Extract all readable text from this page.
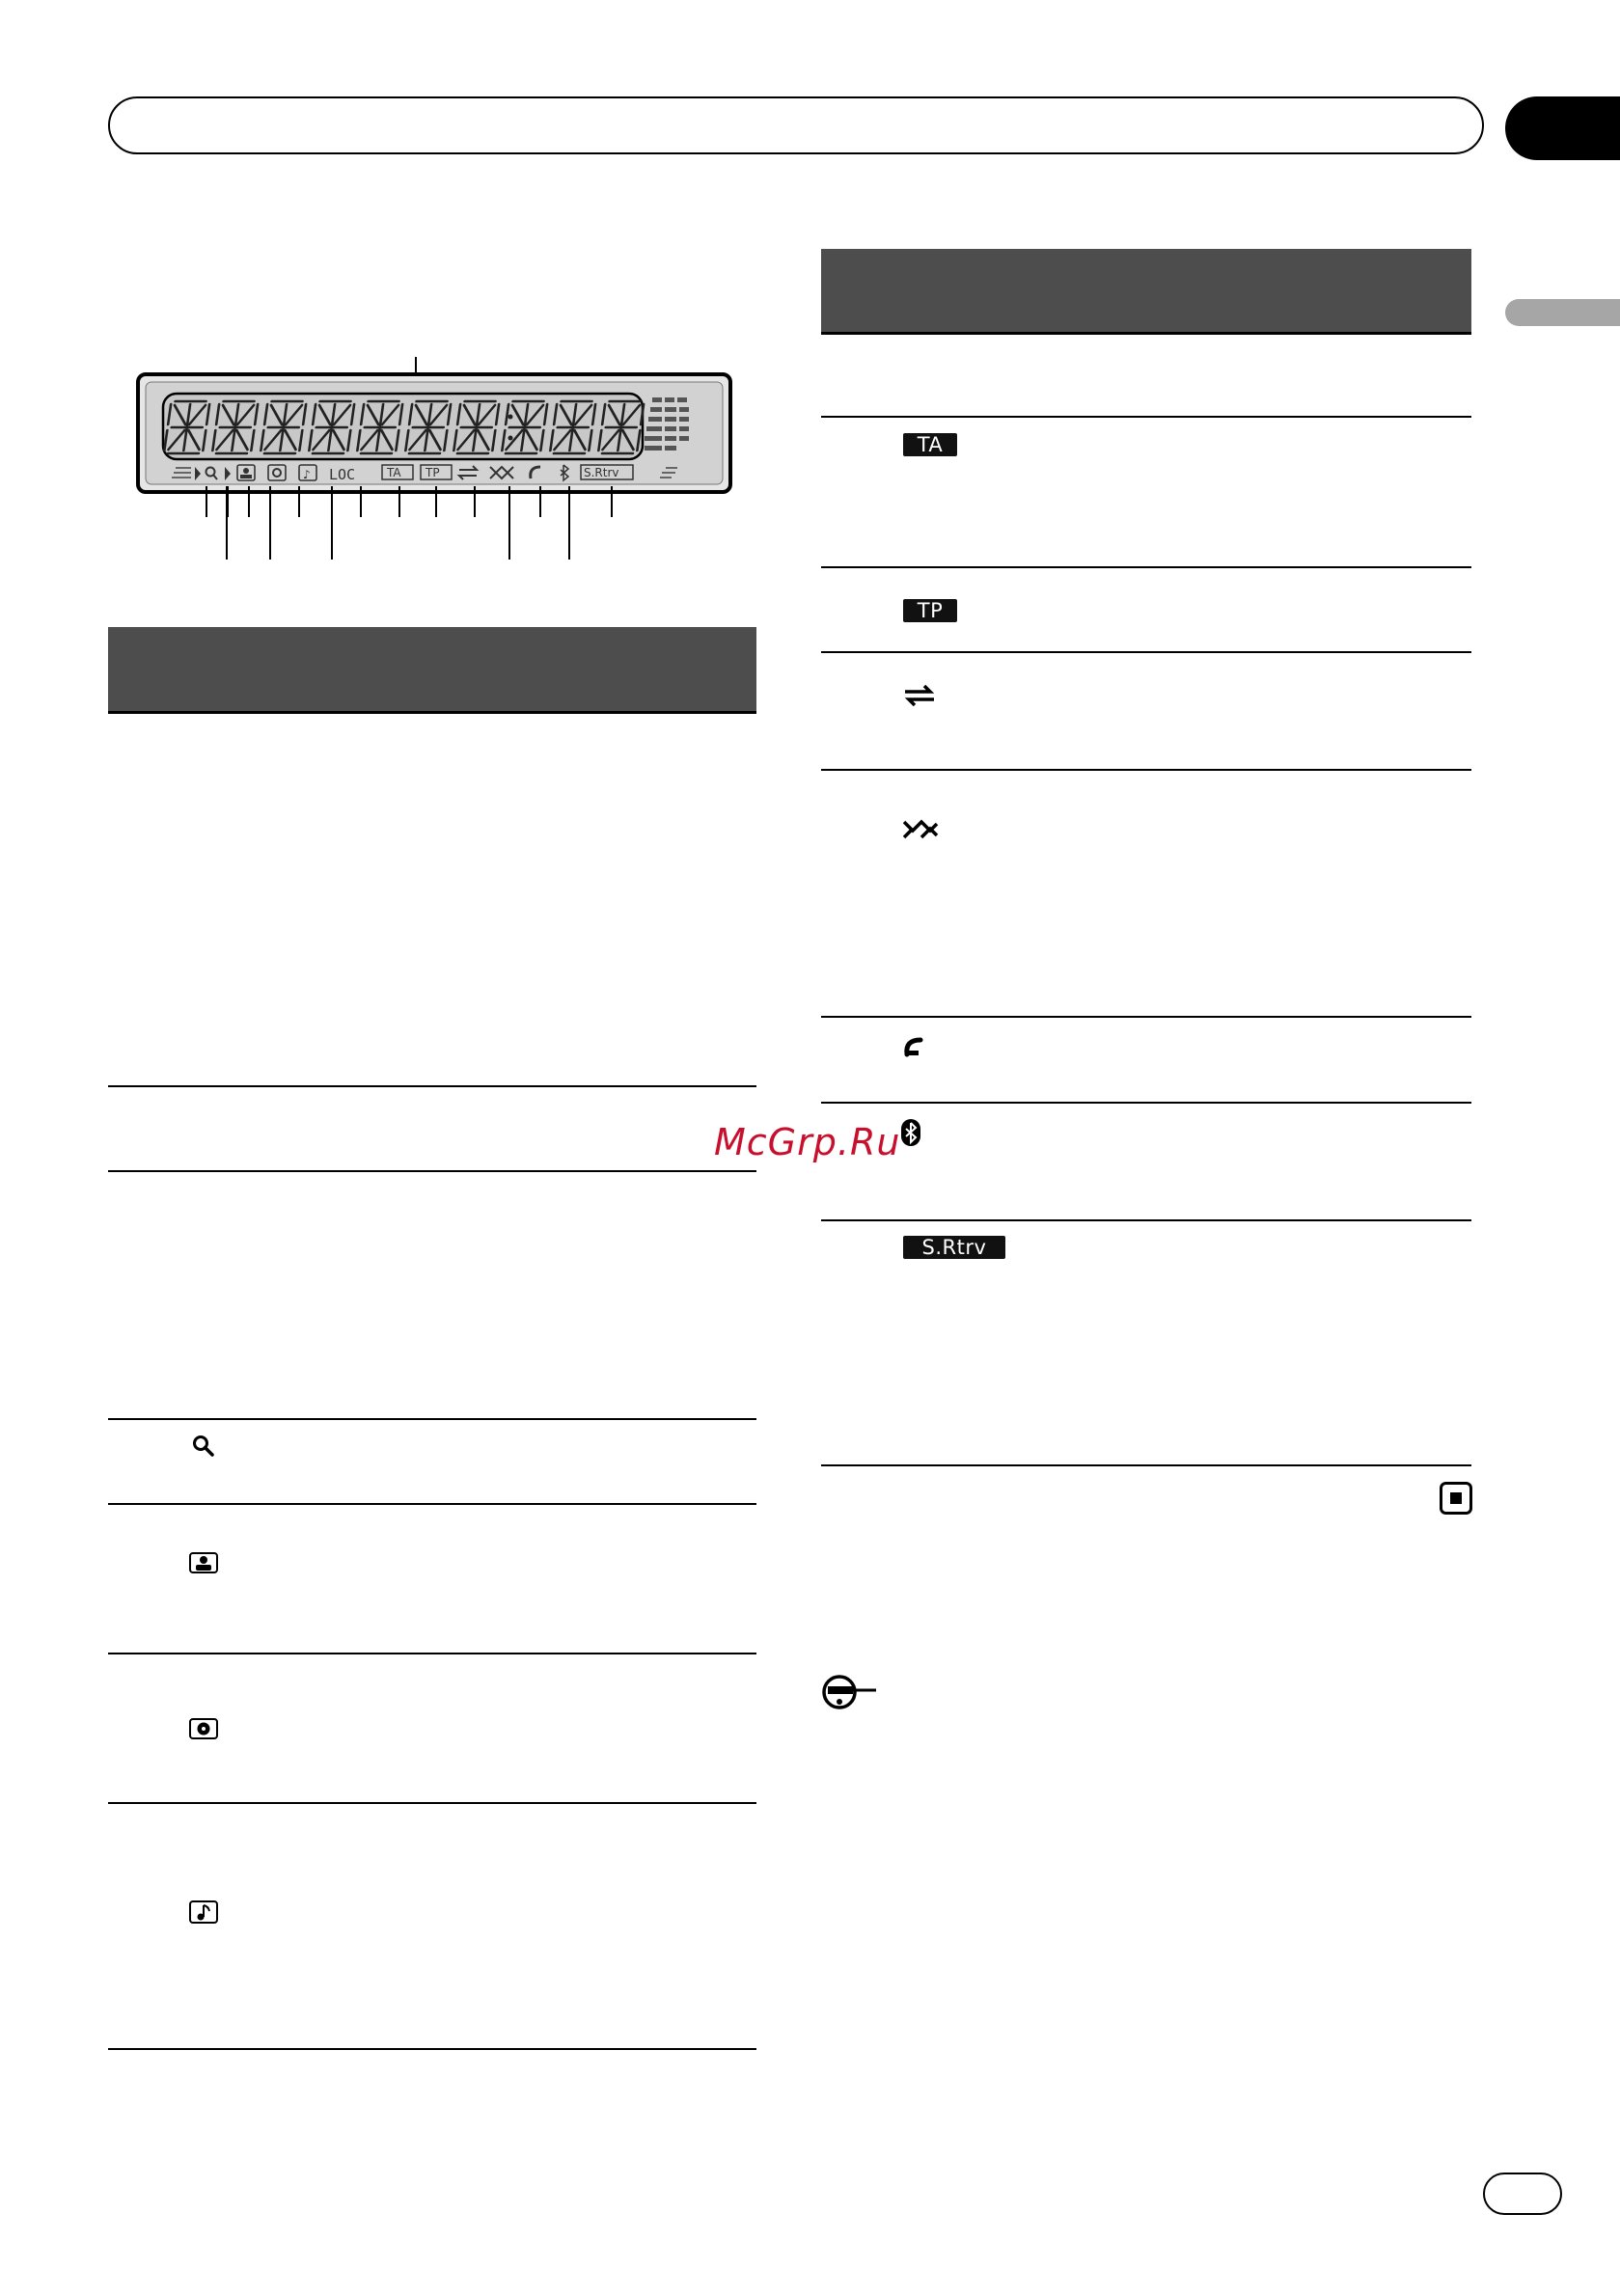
♪ LOC	TA TP	S.Rtrv
TA
TP
S.Rtrv
McGrp.Ru
